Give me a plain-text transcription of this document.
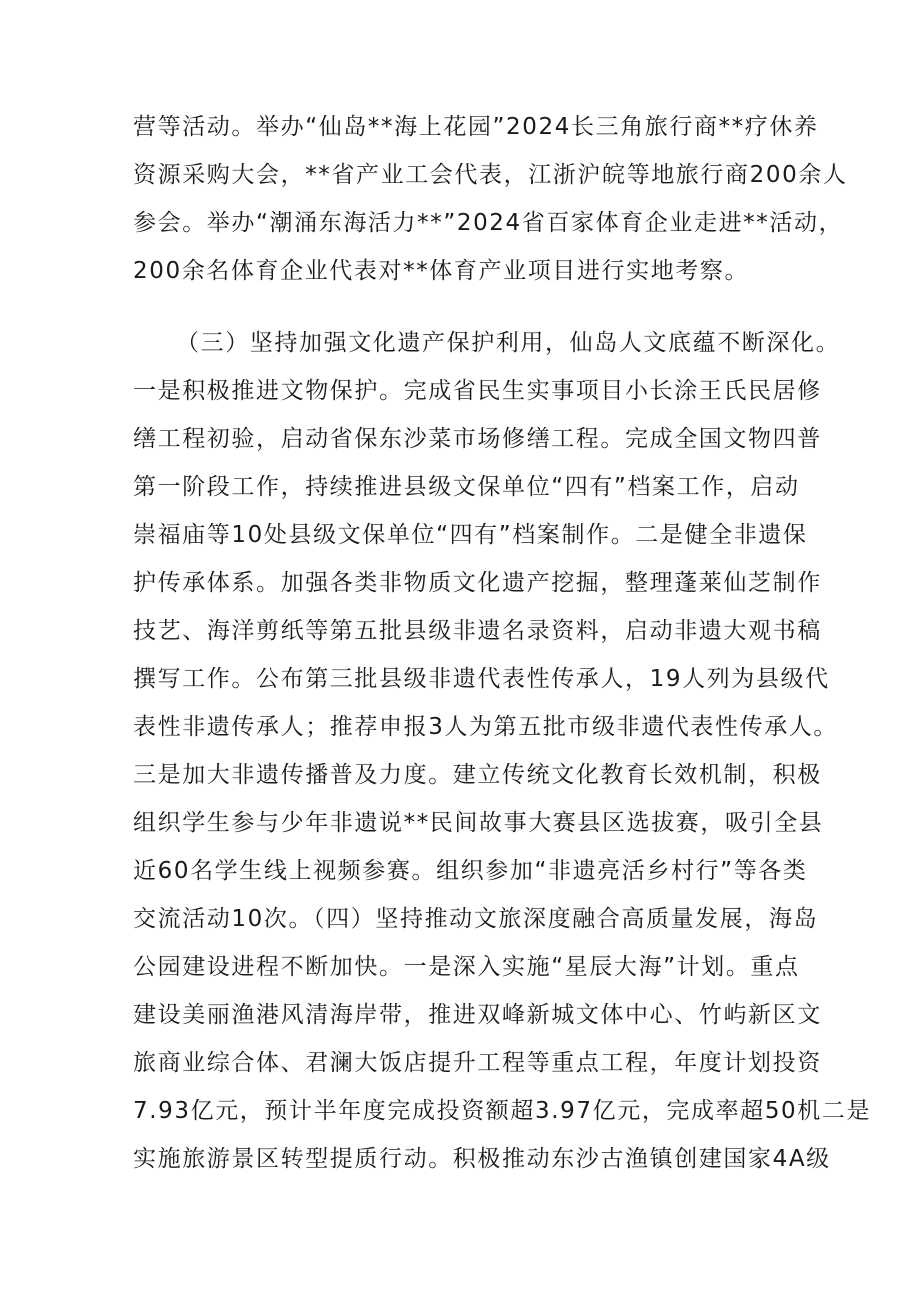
营等活动。举办“仙岛**海上花园”2024长三角旅行商**疗休养
资源采购大会，**省产业工会代表，江浙沪皖等地旅行商200余人
参会。举办“潮涌东海活力**”2024省百家体育企业走进**活动，
200余名体育企业代表对**体育产业项目进行实地考察。
（三）坚持加强文化遗产保护利用，仙岛人文底蕴不断深化。
一是积极推进文物保护。完成省民生实事项目小长涂王氏民居修
缮工程初验，启动省保东沙菜市场修缮工程。完成全国文物四普
第一阶段工作，持续推进县级文保单位“四有”档案工作，启动
崇福庙等10处县级文保单位“四有”档案制作。二是健全非遗保
护传承体系。加强各类非物质文化遗产挖掘，整理蓬莱仙芝制作
技艺、海洋剪纸等第五批县级非遗名录资料，启动非遗大观书稿
撰写工作。公布第三批县级非遗代表性传承人，19人列为县级代
表性非遗传承人；推荐申报3人为第五批市级非遗代表性传承人。
三是加大非遗传播普及力度。建立传统文化教育长效机制，积极
组织学生参与少年非遗说**民间故事大赛县区选拔赛，吸引全县
近60名学生线上视频参赛。组织参加“非遗亮活乡村行”等各类
交流活动10次。（四）坚持推动文旅深度融合高质量发展，海岛
公园建设进程不断加快。一是深入实施“星辰大海”计划。重点
建设美丽渔港风清海岸带，推进双峰新城文体中心、竹屿新区文
旅商业综合体、君澜大饭店提升工程等重点工程，年度计划投资
7.93亿元，预计半年度完成投资额超3.97亿元，完成率超50机二是
实施旅游景区转型提质行动。积极推动东沙古渔镇创建国家4A级
